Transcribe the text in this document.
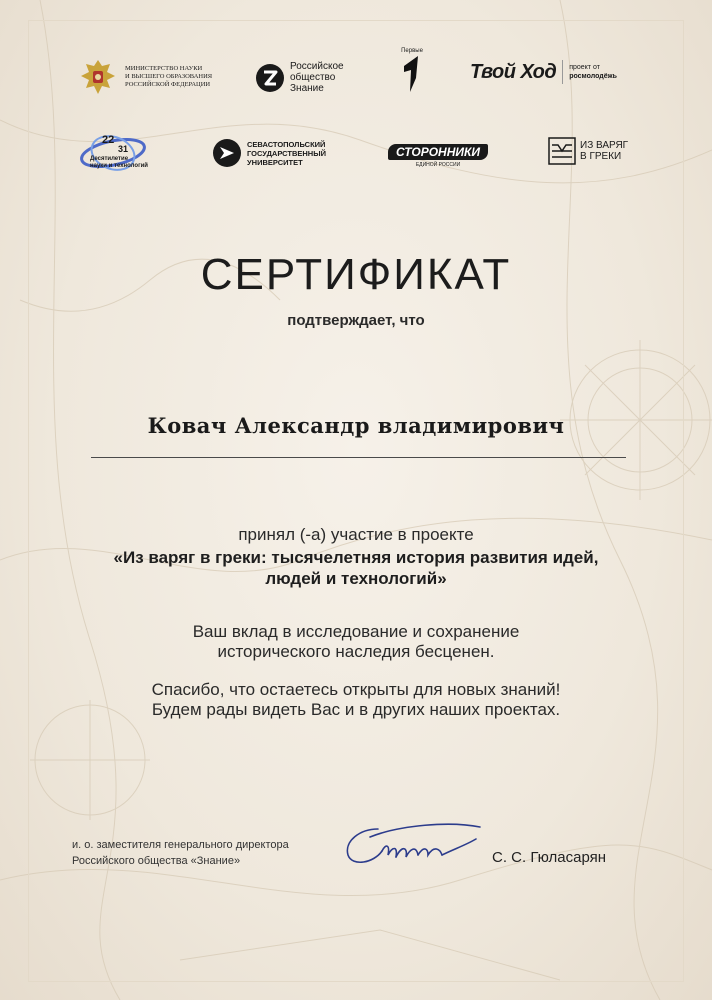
МИНИСТЕРСТВО НАУКИ
И ВЫСШЕГО ОБРАЗОВАНИЯ
РОССИЙСКОЙ ФЕДЕРАЦИИ
Российское
общество
Знание
Первые
Твой Ход проект от
росмолодёжь
22
31
Десятилетие
науки и технологий
СЕВАСТОПОЛЬСКИЙ
ГОСУДАРСТВЕННЫЙ
УНИВЕРСИТЕТ
СТОРОННИКИ
ЕДИНОЙ РОССИИ
ИЗ ВАРЯГ
В ГРЕКИ
СЕРТИФИКАТ
подтверждает, что
Ковач Александр владимирович
принял (-а) участие в проекте
«Из варяг в греки: тысячелетняя история развития идей,
людей и технологий»
Ваш вклад в исследование и сохранение
исторического наследия бесценен.
Спасибо, что остаетесь открыты для новых знаний!
Будем рады видеть Вас и в других наших проектах.
и. о. заместителя генерального директора
Российского общества «Знание»	С. С. Гюласарян
